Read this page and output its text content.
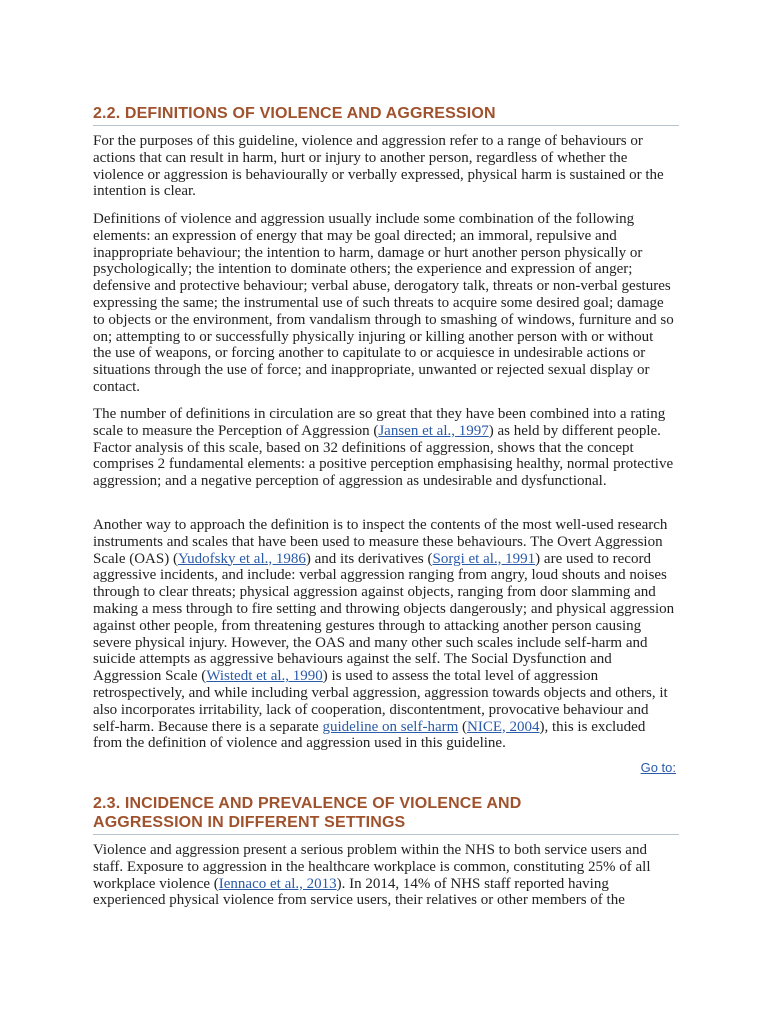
2.2. DEFINITIONS OF VIOLENCE AND AGGRESSION

For the purposes of this guideline, violence and aggression refer to a range of behaviours or actions that can result in harm, hurt or injury to another person, regardless of whether the violence or aggression is behaviourally or verbally expressed, physical harm is sustained or the intention is clear.

Definitions of violence and aggression usually include some combination of the following elements: an expression of energy that may be goal directed; an immoral, repulsive and inappropriate behaviour; the intention to harm, damage or hurt another person physically or psychologically; the intention to dominate others; the experience and expression of anger; defensive and protective behaviour; verbal abuse, derogatory talk, threats or non-verbal gestures expressing the same; the instrumental use of such threats to acquire some desired goal; damage to objects or the environment, from vandalism through to smashing of windows, furniture and so on; attempting to or successfully physically injuring or killing another person with or without the use of weapons, or forcing another to capitulate to or acquiesce in undesirable actions or situations through the use of force; and inappropriate, unwanted or rejected sexual display or contact.

The number of definitions in circulation are so great that they have been combined into a rating scale to measure the Perception of Aggression (Jansen et al., 1997) as held by different people. Factor analysis of this scale, based on 32 definitions of aggression, shows that the concept comprises 2 fundamental elements: a positive perception emphasising healthy, normal protective aggression; and a negative perception of aggression as undesirable and dysfunctional.

Another way to approach the definition is to inspect the contents of the most well-used research instruments and scales that have been used to measure these behaviours. The Overt Aggression Scale (OAS) (Yudofsky et al., 1986) and its derivatives (Sorgi et al., 1991) are used to record aggressive incidents, and include: verbal aggression ranging from angry, loud shouts and noises through to clear threats; physical aggression against objects, ranging from door slamming and making a mess through to fire setting and throwing objects dangerously; and physical aggression against other people, from threatening gestures through to attacking another person causing severe physical injury. However, the OAS and many other such scales include self-harm and suicide attempts as aggressive behaviours against the self. The Social Dysfunction and Aggression Scale (Wistedt et al., 1990) is used to assess the total level of aggression retrospectively, and while including verbal aggression, aggression towards objects and others, it also incorporates irritability, lack of cooperation, discontentment, provocative behaviour and self-harm. Because there is a separate guideline on self-harm (NICE, 2004), this is excluded from the definition of violence and aggression used in this guideline.

Go to:
2.3. INCIDENCE AND PREVALENCE OF VIOLENCE AND
AGGRESSION IN DIFFERENT SETTINGS

Violence and aggression present a serious problem within the NHS to both service users and staff. Exposure to aggression in the healthcare workplace is common, constituting 25% of all workplace violence (Iennaco et al., 2013). In 2014, 14% of NHS staff reported having experienced physical violence from service users, their relatives or other members of the
